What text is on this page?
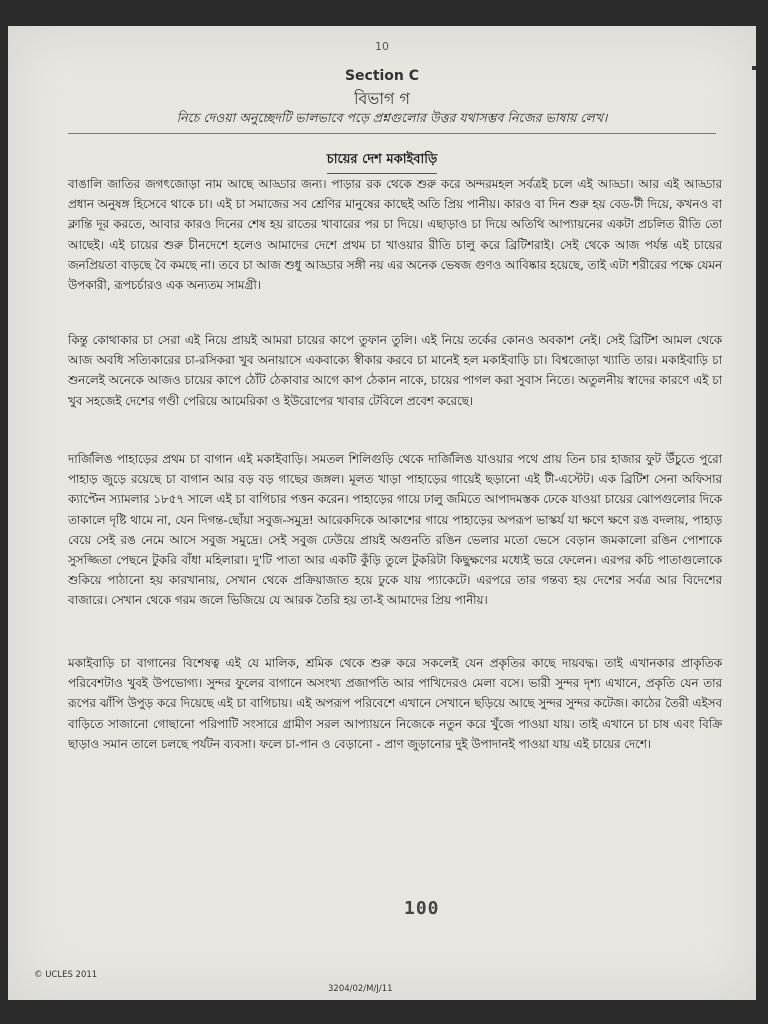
10
Section C
বিভাগ গ
নিচে দেওয়া অনুচ্ছেদটি ভালভাবে পড়ে প্রশ্নগুলোর উত্তর যথাসম্ভব নিজের ভাষায় লেখ।
চায়ের দেশ মকাইবাড়ি

বাঙালি জাতির জগৎজোড়া নাম আছে আড্ডার জন্য। পাড়ার রক থেকে শুরু করে অন্দরমহল সর্বত্রই চলে এই আড্ডা। আর এই আড্ডার প্রধান অনুষঙ্গ হিসেবে থাকে চা। এই চা সমাজের সব শ্রেণির মানুষের কাছেই অতি প্রিয় পানীয়। কারও বা দিন শুরু হয় বেড-টী দিয়ে, কখনও বা ক্লান্তি দূর করতে, আবার কারও দিনের শেষ হয় রাতের খাবারের পর চা দিয়ে। এছাড়াও চা দিয়ে অতিথি আপ্যায়নের একটা প্রচলিত রীতি তো আছেই। এই চায়ের শুরু চীনদেশে হলেও আমাদের দেশে প্রথম চা খাওয়ার রীতি চালু করে ব্রিটিশরাই। সেই থেকে আজ পর্যন্ত এই চায়ের জনপ্রিয়তা বাড়ছে বৈ কমছে না। তবে চা আজ শুধু আড্ডার সঙ্গী নয় এর অনেক ভেষজ গুণও আবিষ্কার হয়েছে, তাই এটা শরীরের পক্ষে যেমন উপকারী, রূপচর্চারও এক অন্যতম সামগ্রী।

কিন্তু কোথাকার চা সেরা এই নিয়ে প্রায়ই আমরা চায়ের কাপে তুফান তুলি। এই নিয়ে তর্কের কোনও অবকাশ নেই। সেই ব্রিটিশ আমল থেকে আজ অবধি সত্যিকারের চা-রসিকরা খুব অনায়াসে একবাক্যে স্বীকার করবে চা মানেই হল মকাইবাড়ি চা। বিশ্বজোড়া খ্যাতি তার। মকাইবাড়ি চা শুনলেই অনেকে আজও চায়ের কাপে ঠোঁট ঠেকাবার আগে কাপ ঠেকান নাকে, চায়ের পাগল করা সুবাস নিতে। অতুলনীয় স্বাদের কারণে এই চা খুব সহজেই দেশের গণ্ডী পেরিয়ে আমেরিকা ও ইউরোপের খাবার টেবিলে প্রবেশ করেছে।

দার্জিলিঙ পাহাড়ের প্রথম চা বাগান এই মকাইবাড়ি। সমতল শিলিগুড়ি থেকে দার্জিলিঙ যাওয়ার পথে প্রায় তিন চার হাজার ফুট উঁচুতে পুরো পাহাড় জুড়ে রয়েছে চা বাগান আর বড় বড় গাছের জঙ্গল। মূলত খাড়া পাহাড়ের গায়েই ছড়ানো এই টী-এস্টেট। এক ব্রিটিশ সেনা অফিসার ক্যাপ্টেন স্যামলার ১৮৫৭ সালে এই চা বাগিচার পত্তন করেন। পাহাড়ের গায়ে ঢালু জমিতে আপাদমস্তক ঢেকে যাওয়া চায়ের ঝোপগুলোর দিকে তাকালে দৃষ্টি থামে না, যেন দিগন্ত-ছোঁয়া সবুজ-সমুদ্র! আরেকদিকে আকাশের গায়ে পাহাড়ের অপরূপ ভাস্কর্য যা ক্ষণে ক্ষণে রঙ বদলায়, পাহাড় বেয়ে সেই রঙ নেমে আসে সবুজ সমুদ্রে। সেই সবুজ ঢেউয়ে প্রায়ই অগুনতি রঙিন ভেলার মতো ভেসে বেড়ান জমকালো রঙিন পোশাকে সুসজ্জিতা পেছনে টুকরি বাঁধা মহিলারা। দু'টি পাতা আর একটি কুঁড়ি তুলে টুকরিটা কিছুক্ষণের মধ্যেই ভরে ফেলেন। এরপর কচি পাতাগুলোকে শুকিয়ে পাঠানো হয় কারখানায়, সেখান থেকে প্রক্রিয়াজাত হয়ে ঢুকে যায় প্যাকেটে। এরপরে তার গন্তব্য হয় দেশের সর্বত্র আর বিদেশের বাজারে। সেখান থেকে গরম জলে ভিজিয়ে যে আরক তৈরি হয় তা-ই আমাদের প্রিয় পানীয়।

মকাইবাড়ি চা বাগানের বিশেষত্ব এই যে মালিক, শ্রমিক থেকে শুরু করে সকলেই যেন প্রকৃতির কাছে দায়বদ্ধ। তাই এখানকার প্রাকৃতিক পরিবেশটাও খুবই উপভোগ্য। সুন্দর ফুলের বাগানে অসংখ্য প্রজাপতি আর পাখিদেরও মেলা বসে। ভারী সুন্দর দৃশ্য এখানে, প্রকৃতি যেন তার রূপের ঝাঁপি উপুড় করে দিয়েছে এই চা বাগিচায়। এই অপরূপ পরিবেশে এখানে সেখানে ছড়িয়ে আছে সুন্দর সুন্দর কটেজ। কাঠের তৈরী এইসব বাড়িতে সাজানো গোছানো পরিপাটি সংসারে গ্রামীণ সরল আপ্যায়নে নিজেকে নতুন করে খুঁজে পাওয়া যায়। তাই এখানে চা চাষ এবং বিক্রি ছাড়াও সমান তালে চলছে পর্যটন ব্যবসা। ফলে চা-পান ও বেড়ানো - প্রাণ জুড়ানোর দুই উপাদানই পাওয়া যায় এই চায়ের দেশে।

100
© UCLES 2011
3204/02/M/J/11
